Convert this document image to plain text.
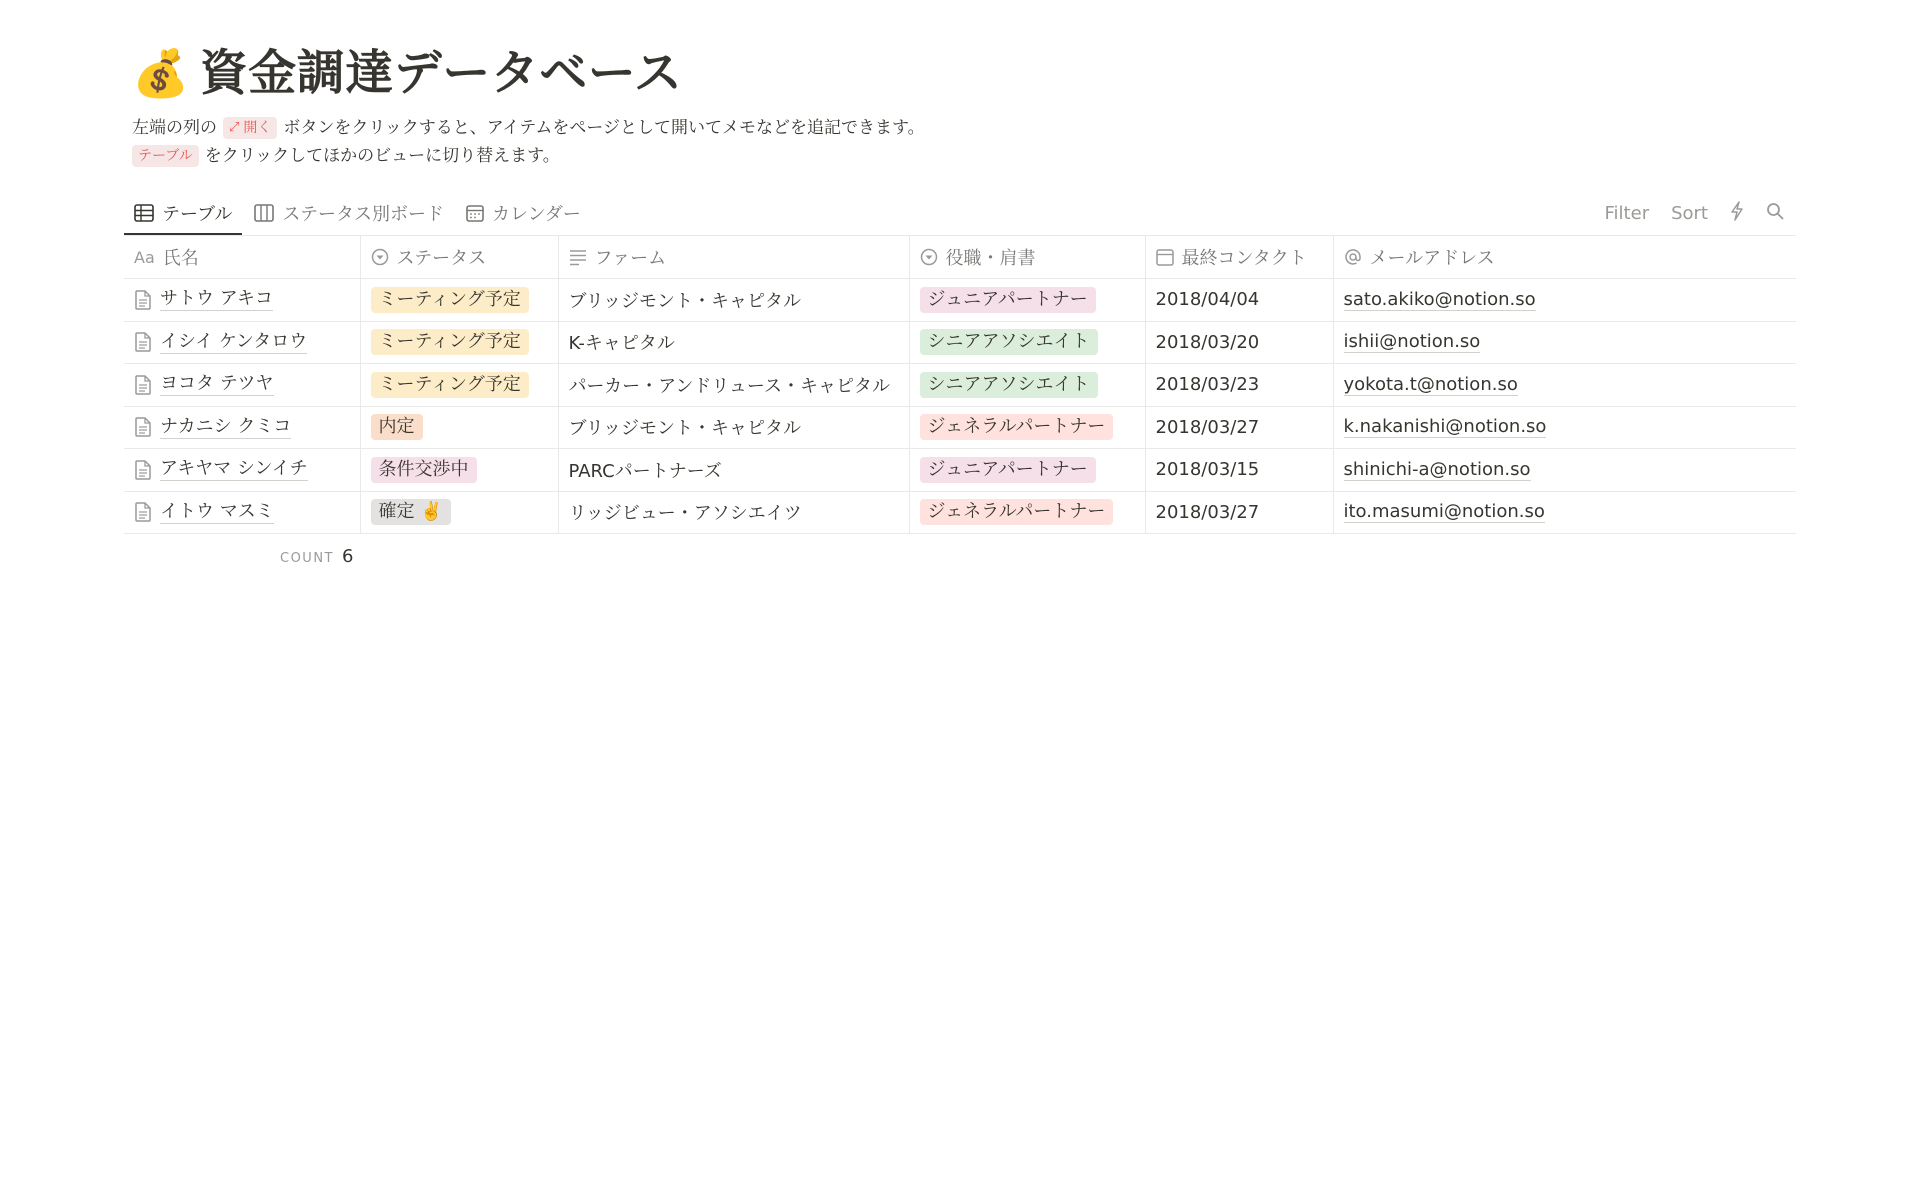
💰 資金調達データベース
左端の列の ⤢ 開く ボタンをクリックすると、アイテムをページとして開いてメモなどを追記できます。
テーブル をクリックしてほかのビューに切り替えます。
テーブル	ステータス別ボード	カレンダー	Filter Sort
Aa 氏名	ステータス	ファーム	役職・肩書	最終コンタクト	メールアドレス

サトウ アキコ	ミーティング予定	ブリッジモント・キャピタル	ジュニアパートナー	2018/04/04	sato.akiko@notion.so

イシイ ケンタロウ	ミーティング予定	K-キャピタル	シニアアソシエイト	2018/03/20	ishii@notion.so

ヨコタ テツヤ	ミーティング予定	パーカー・アンドリュース・キャピタル	シニアアソシエイト	2018/03/23	yokota.t@notion.so

ナカニシ クミコ	内定	ブリッジモント・キャピタル	ジェネラルパートナー	2018/03/27	k.nakanishi@notion.so

アキヤマ シンイチ	条件交渉中	PARCパートナーズ	ジュニアパートナー	2018/03/15	shinichi-a@notion.so

イトウ マスミ	確定 ✌️	リッジビュー・アソシエイツ	ジェネラルパートナー	2018/03/27	ito.masumi@notion.so
COUNT 6
